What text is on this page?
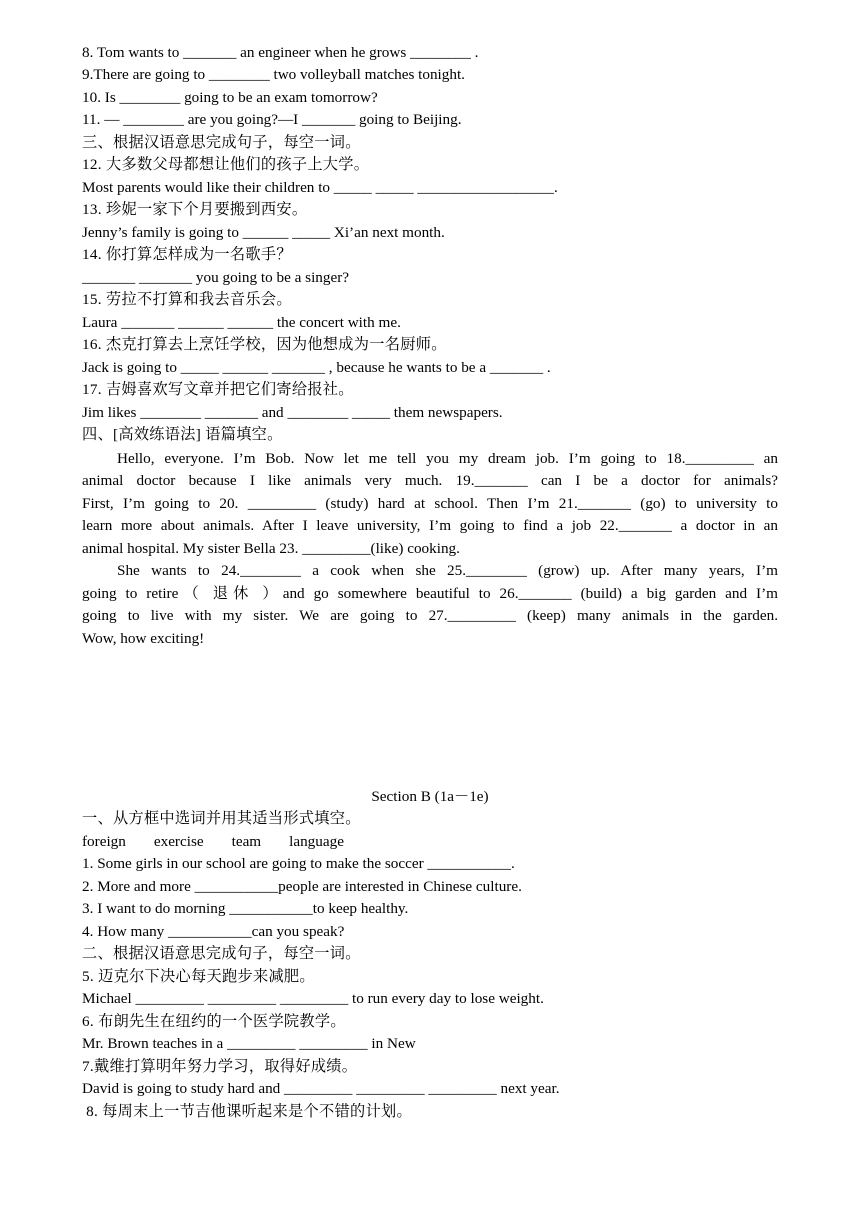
8. Tom wants to _______ an engineer when he grows ________ .
9.There are going to ________ two volleyball matches tonight.
10. Is ________ going to be an exam tomorrow?
11. — ________ are you going?—I _______ going to Beijing.
三、根据汉语意思完成句子，每空一词。
12. 大多数父母都想让他们的孩子上大学。
Most parents would like their children to _____ _____ __________________.
13. 珍妮一家下个月要搬到西安。
Jenny’s family is going to ______ _____ Xi’an next month.
14. 你打算怎样成为一名歌手？
_______ _______ you going to be a singer?
15. 劳拉不打算和我去音乐会。
Laura _______ ______ ______ the concert with me.
16. 杰克打算去上烹饪学校，因为他想成为一名厨师。
Jack is going to _____ ______ _______ , because he wants to be a _______ .
17. 吉姆喜欢写文章并把它们寄给报社。
Jim likes ________ _______ and ________ _____ them newspapers.
四、[高效练语法] 语篇填空。
Hello, everyone. I’m Bob. Now let me tell you my dream job. I’m going to 18._________ an
animal doctor because I like animals very much. 19._______ can I be a doctor for animals?
First, I’m going to 20. _________ (study) hard at school. Then I’m 21._______ (go) to university to
learn more about animals. After I leave university, I’m going to find a job 22._______ a doctor in an
animal hospital. My sister Bella 23. _________(like) cooking.
She wants to 24.________ a cook when she 25.________ (grow) up. After many years, I’m
going to retire（ 退休 ）and go somewhere beautiful to 26._______ (build) a big garden and I’m
going to live with my sister. We are going to 27._________ (keep) many animals in the garden.
Wow, how exciting!
Section B (1a－1e)
一、从方框中选词并用其适当形式填空。
foreign exercise team language
1. Some girls in our school are going to make the soccer ___________.
2. More and more ___________people are interested in Chinese culture.
3. I want to do morning ___________to keep healthy.
4. How many ___________can you speak?
二、根据汉语意思完成句子，每空一词。
5. 迈克尔下决心每天跑步来减肥。
Michael _________ _________ _________ to run every day to lose weight.
6. 布朗先生在纽约的一个医学院教学。
Mr. Brown teaches in a _________ _________ in New
7.戴维打算明年努力学习，取得好成绩。
David is going to study hard and _________ _________ _________ next year.
8. 每周末上一节吉他课听起来是个不错的计划。
